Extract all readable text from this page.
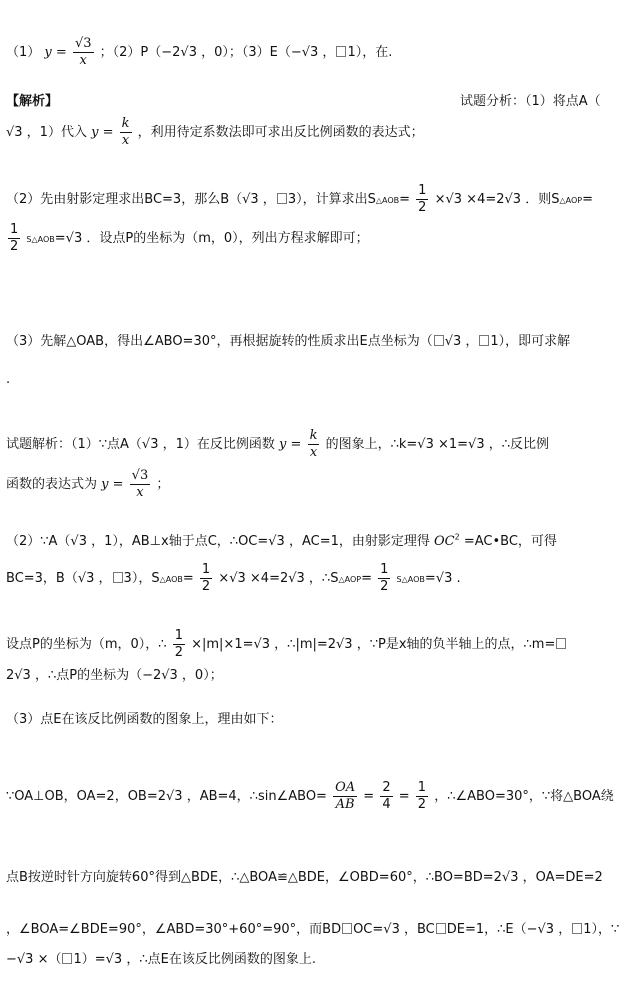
（1） $y = \frac{√3}{x}$ ；（2）P（−2√3 ，0）；（3）E（−√3 ， 1），在.
【解析】	试题分析：（1）将点A（
√3 ，1）代入 $y = \frac{k}{x}$ ，利用待定系数法即可求出反比例函数的表达式；
（2）先由射影定理求出BC=3，那么B（√3 ， 3），计算求出S△AOB= $\frac{1}{2} \times√3 \times 4=2√3$ ．则S△AOP=
$\frac{1}{2}$ S△AOB=√3 ．设点P的坐标为（m，0），列出方程求解即可；
（3）先解△OAB，得出∠ABO=30°，再根据旋转的性质求出E点坐标为（ √3 ， 1），即可求解
.
试题解析：（1）∵点A（√3 ，1）在反比例函数 $y = \frac{k}{x}$ 的图象上，∴k=√3 ×1=√3 ，∴反比例
函数的表达式为 $y = \frac{√3}{x}$ ；
（2）∵A（√3 ，1），AB⊥x轴于点C，∴OC=√3 ，AC=1，由射影定理得 $OC^2$ =AC•BC，可得
BC=3，B（√3 ， 3），S△AOB= $\frac{1}{2} \times√3 \times 4=2√3$ ，∴S△AOP= $\frac{1}{2}$ S△AOB=√3 .
设点P的坐标为（m，0），∴ $\frac{1}{2} \times|m|\times 1=√3$ ，∴|m|=2√3 ，∵P是x轴的负半轴上的点，∴m=
2√3 ，∴点P的坐标为（−2√3 ，0）；
（3）点E在该反比例函数的图象上，理由如下：
∵OA⊥OB，OA=2，OB=2√3 ，AB=4，∴sin∠ABO= $\frac{OA}{AB} = \frac{2}{4} = \frac{1}{2}$ ，∴∠ABO=30°，∵将△BOA绕
点B按逆时针方向旋转60°得到△BDE，∴△BOA≌△BDE，∠OBD=60°，∴BO=BD=2√3 ，OA=DE=2
，∠BOA=∠BDE=90°，∠ABD=30°+60°=90°，而BD OC=√3 ，BC DE=1，∴E（−√3 ， 1），∵
−√3 ×（ 1）=√3 ，∴点E在该反比例函数的图象上.
